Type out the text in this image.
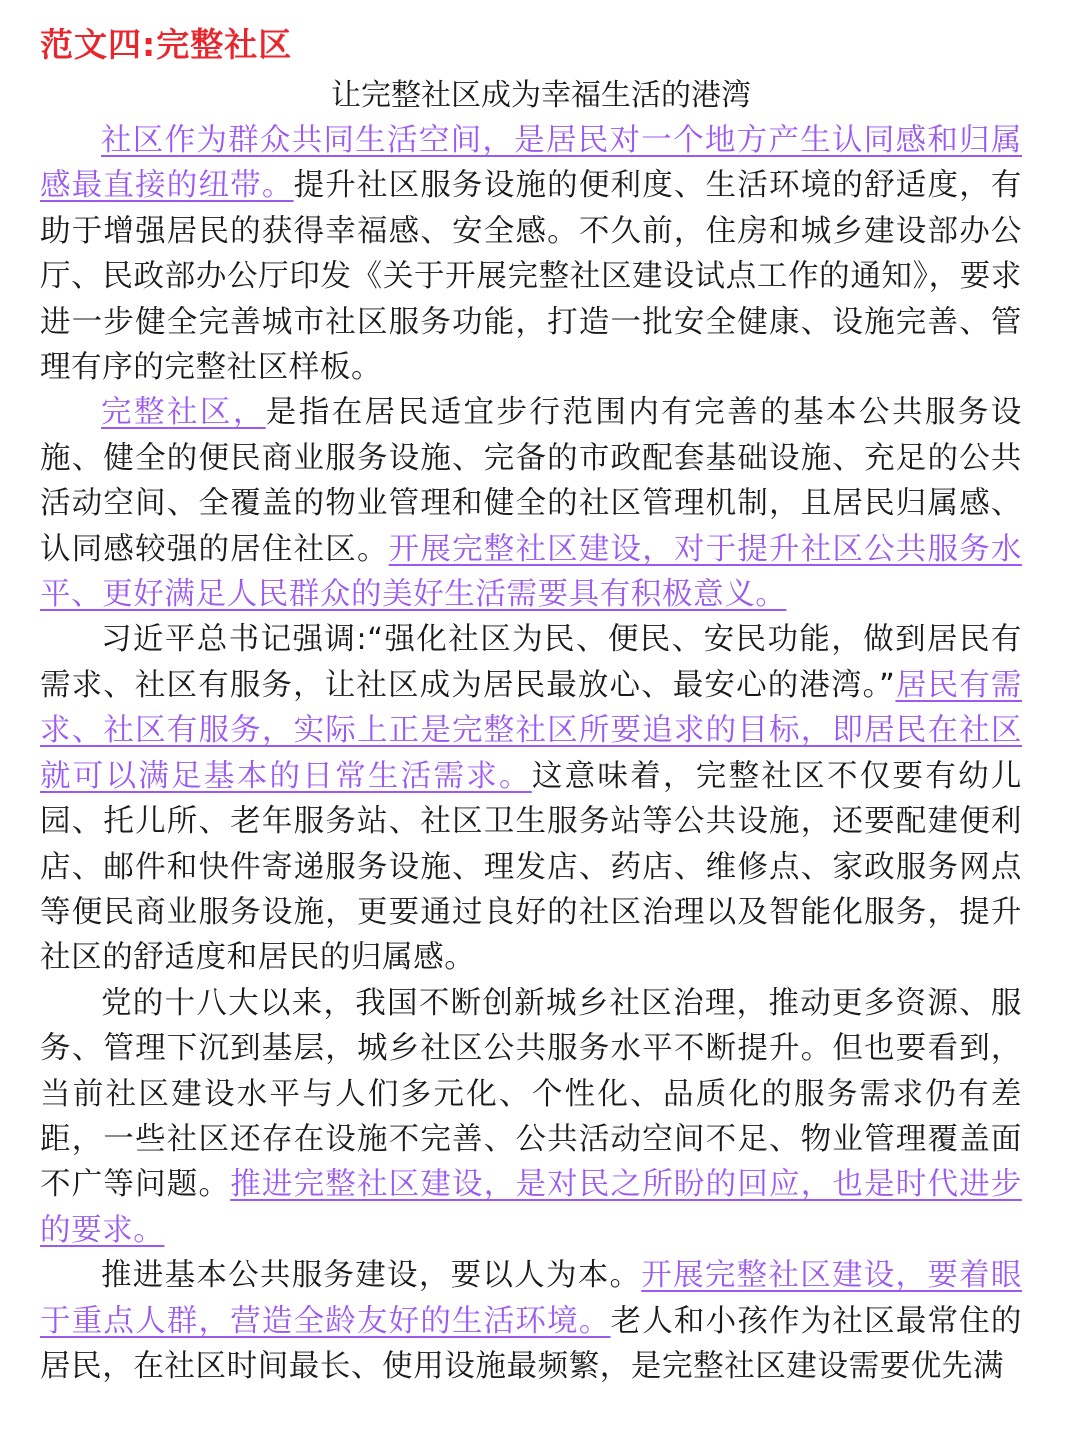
范文四:完整社区
让完整社区成为幸福生活的港湾

社区作为群众共同生活空间，是居民对一个地方产生认同感和归属感最直接的纽带。提升社区服务设施的便利度、生活环境的舒适度，有助于增强居民的获得幸福感、安全感。不久前，住房和城乡建设部办公厅、民政部办公厅印发《关于开展完整社区建设试点工作的通知》，要求进一步健全完善城市社区服务功能，打造一批安全健康、设施完善、管理有序的完整社区样板。

完整社区，是指在居民适宜步行范围内有完善的基本公共服务设施、健全的便民商业服务设施、完备的市政配套基础设施、充足的公共活动空间、全覆盖的物业管理和健全的社区管理机制，且居民归属感、认同感较强的居住社区。开展完整社区建设，对于提升社区公共服务水平、更好满足人民群众的美好生活需要具有积极意义。

习近平总书记强调:“强化社区为民、便民、安民功能，做到居民有需求、社区有服务，让社区成为居民最放心、最安心的港湾。”居民有需求、社区有服务，实际上正是完整社区所要追求的目标，即居民在社区就可以满足基本的日常生活需求。这意味着，完整社区不仅要有幼儿园、托儿所、老年服务站、社区卫生服务站等公共设施，还要配建便利店、邮件和快件寄递服务设施、理发店、药店、维修点、家政服务网点等便民商业服务设施，更要通过良好的社区治理以及智能化服务，提升社区的舒适度和居民的归属感。

党的十八大以来，我国不断创新城乡社区治理，推动更多资源、服务、管理下沉到基层，城乡社区公共服务水平不断提升。但也要看到，当前社区建设水平与人们多元化、个性化、品质化的服务需求仍有差距，一些社区还存在设施不完善、公共活动空间不足、物业管理覆盖面不广等问题。推进完整社区建设，是对民之所盼的回应，也是时代进步的要求。

推进基本公共服务建设，要以人为本。开展完整社区建设，要着眼于重点人群，营造全龄友好的生活环境。老人和小孩作为社区最常住的居民，在社区时间最长、使用设施最频繁，是完整社区建设需要优先满
